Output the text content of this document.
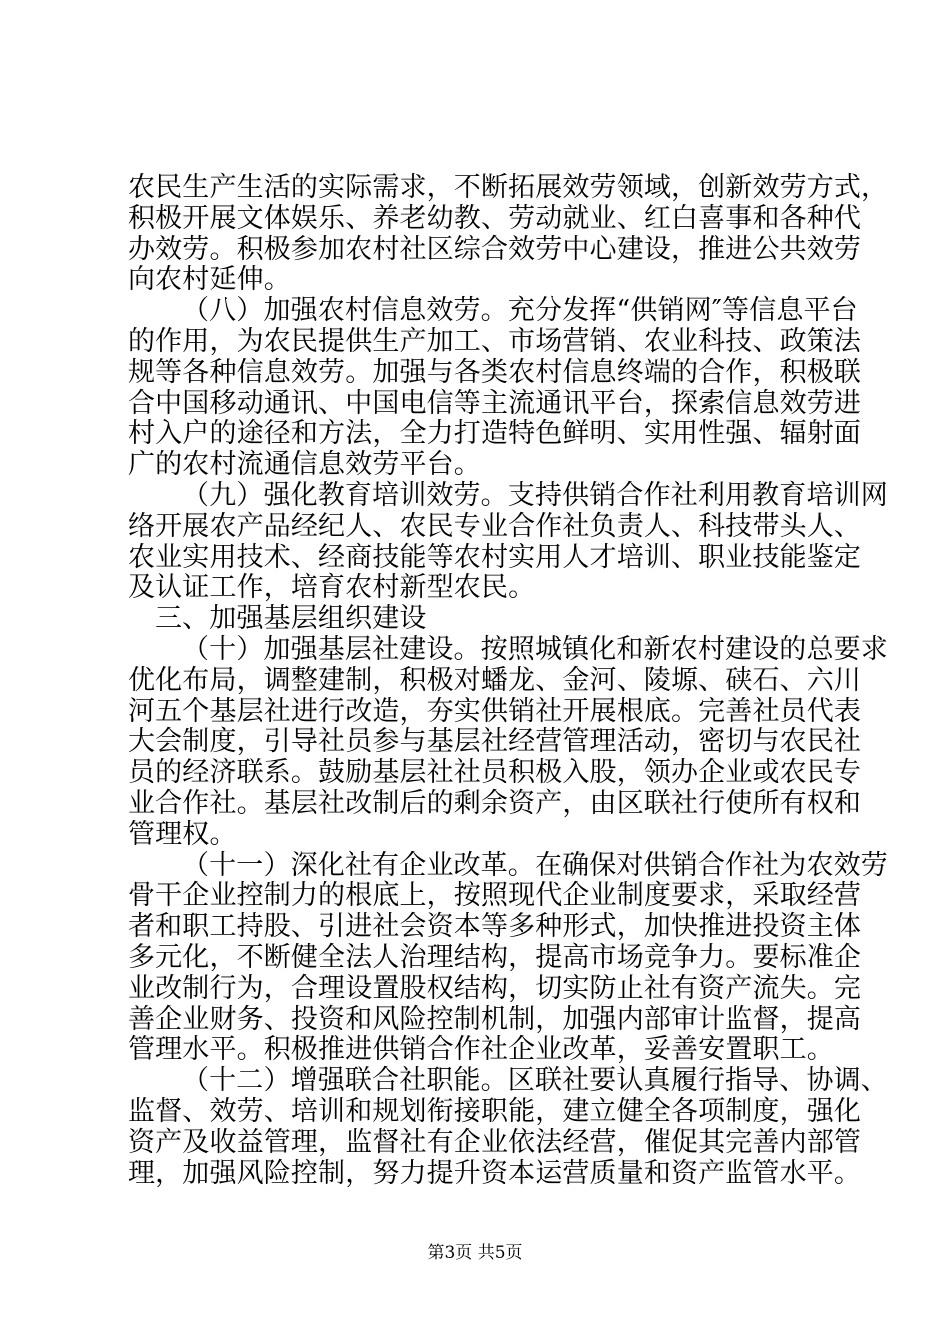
农民生产生活的实际需求，不断拓展效劳领域，创新效劳方式，
积极开展文体娱乐、养老幼教、劳动就业、红白喜事和各种代
办效劳。积极参加农村社区综合效劳中心建设，推进公共效劳
向农村延伸。
（八）加强农村信息效劳。充分发挥“供销网″等信息平台
的作用，为农民提供生产加工、市场营销、农业科技、政策法
规等各种信息效劳。加强与各类农村信息终端的合作，积极联
合中国移动通讯、中国电信等主流通讯平台，探索信息效劳进
村入户的途径和方法，全力打造特色鲜明、实用性强、辐射面
广的农村流通信息效劳平台。
（九）强化教育培训效劳。支持供销合作社利用教育培训网
络开展农产品经纪人、农民专业合作社负责人、科技带头人、
农业实用技术、经商技能等农村实用人才培训、职业技能鉴定
及认证工作，培育农村新型农民。
三、加强基层组织建设
（十）加强基层社建设。按照城镇化和新农村建设的总要求
优化布局，调整建制，积极对蟠龙、金河、陵塬、硖石、六川
河五个基层社进行改造，夯实供销社开展根底。完善社员代表
大会制度，引导社员参与基层社经营管理活动，密切与农民社
员的经济联系。鼓励基层社社员积极入股，领办企业或农民专
业合作社。基层社改制后的剩余资产，由区联社行使所有权和
管理权。
（十一）深化社有企业改革。在确保对供销合作社为农效劳
骨干企业控制力的根底上，按照现代企业制度要求，采取经营
者和职工持股、引进社会资本等多种形式，加快推进投资主体
多元化，不断健全法人治理结构，提高市场竞争力。要标准企
业改制行为，合理设置股权结构，切实防止社有资产流失。完
善企业财务、投资和风险控制机制，加强内部审计监督，提高
管理水平。积极推进供销合作社企业改革，妥善安置职工。
（十二）增强联合社职能。区联社要认真履行指导、协调、
监督、效劳、培训和规划衔接职能，建立健全各项制度，强化
资产及收益管理，监督社有企业依法经营，催促其完善内部管
理，加强风险控制，努力提升资本运营质量和资产监管水平。
第3页 共5页
